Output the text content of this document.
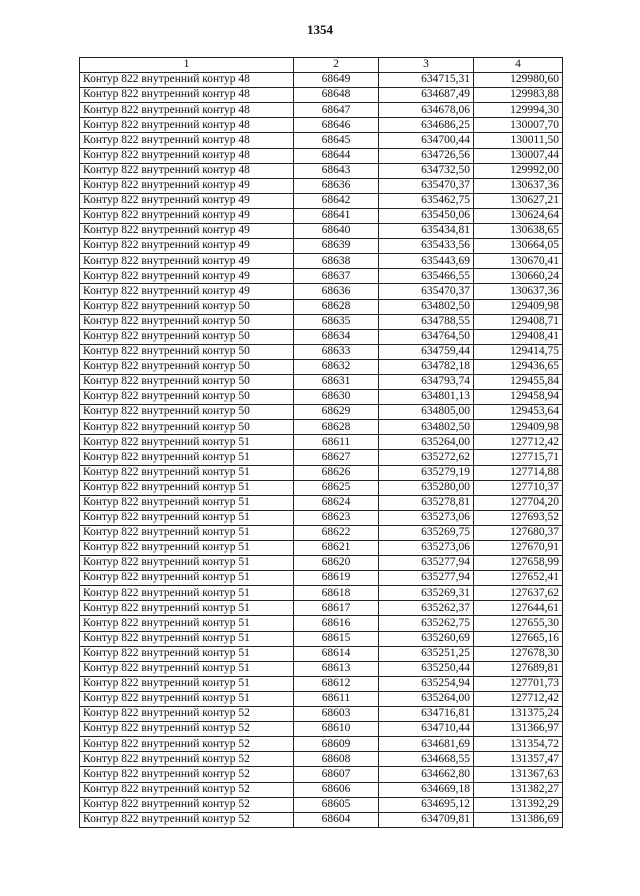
1354
1	2	3	4
Контур 822 внутренний контур 48	68649	634715,31	129980,60
Контур 822 внутренний контур 48	68648	634687,49	129983,88
Контур 822 внутренний контур 48	68647	634678,06	129994,30
Контур 822 внутренний контур 48	68646	634686,25	130007,70
Контур 822 внутренний контур 48	68645	634700,44	130011,50
Контур 822 внутренний контур 48	68644	634726,56	130007,44
Контур 822 внутренний контур 48	68643	634732,50	129992,00
Контур 822 внутренний контур 49	68636	635470,37	130637,36
Контур 822 внутренний контур 49	68642	635462,75	130627,21
Контур 822 внутренний контур 49	68641	635450,06	130624,64
Контур 822 внутренний контур 49	68640	635434,81	130638,65
Контур 822 внутренний контур 49	68639	635433,56	130664,05
Контур 822 внутренний контур 49	68638	635443,69	130670,41
Контур 822 внутренний контур 49	68637	635466,55	130660,24
Контур 822 внутренний контур 49	68636	635470,37	130637,36
Контур 822 внутренний контур 50	68628	634802,50	129409,98
Контур 822 внутренний контур 50	68635	634788,55	129408,71
Контур 822 внутренний контур 50	68634	634764,50	129408,41
Контур 822 внутренний контур 50	68633	634759,44	129414,75
Контур 822 внутренний контур 50	68632	634782,18	129436,65
Контур 822 внутренний контур 50	68631	634793,74	129455,84
Контур 822 внутренний контур 50	68630	634801,13	129458,94
Контур 822 внутренний контур 50	68629	634805,00	129453,64
Контур 822 внутренний контур 50	68628	634802,50	129409,98
Контур 822 внутренний контур 51	68611	635264,00	127712,42
Контур 822 внутренний контур 51	68627	635272,62	127715,71
Контур 822 внутренний контур 51	68626	635279,19	127714,88
Контур 822 внутренний контур 51	68625	635280,00	127710,37
Контур 822 внутренний контур 51	68624	635278,81	127704,20
Контур 822 внутренний контур 51	68623	635273,06	127693,52
Контур 822 внутренний контур 51	68622	635269,75	127680,37
Контур 822 внутренний контур 51	68621	635273,06	127670,91
Контур 822 внутренний контур 51	68620	635277,94	127658,99
Контур 822 внутренний контур 51	68619	635277,94	127652,41
Контур 822 внутренний контур 51	68618	635269,31	127637,62
Контур 822 внутренний контур 51	68617	635262,37	127644,61
Контур 822 внутренний контур 51	68616	635262,75	127655,30
Контур 822 внутренний контур 51	68615	635260,69	127665,16
Контур 822 внутренний контур 51	68614	635251,25	127678,30
Контур 822 внутренний контур 51	68613	635250,44	127689,81
Контур 822 внутренний контур 51	68612	635254,94	127701,73
Контур 822 внутренний контур 51	68611	635264,00	127712,42
Контур 822 внутренний контур 52	68603	634716,81	131375,24
Контур 822 внутренний контур 52	68610	634710,44	131366,97
Контур 822 внутренний контур 52	68609	634681,69	131354,72
Контур 822 внутренний контур 52	68608	634668,55	131357,47
Контур 822 внутренний контур 52	68607	634662,80	131367,63
Контур 822 внутренний контур 52	68606	634669,18	131382,27
Контур 822 внутренний контур 52	68605	634695,12	131392,29
Контур 822 внутренний контур 52	68604	634709,81	131386,69
